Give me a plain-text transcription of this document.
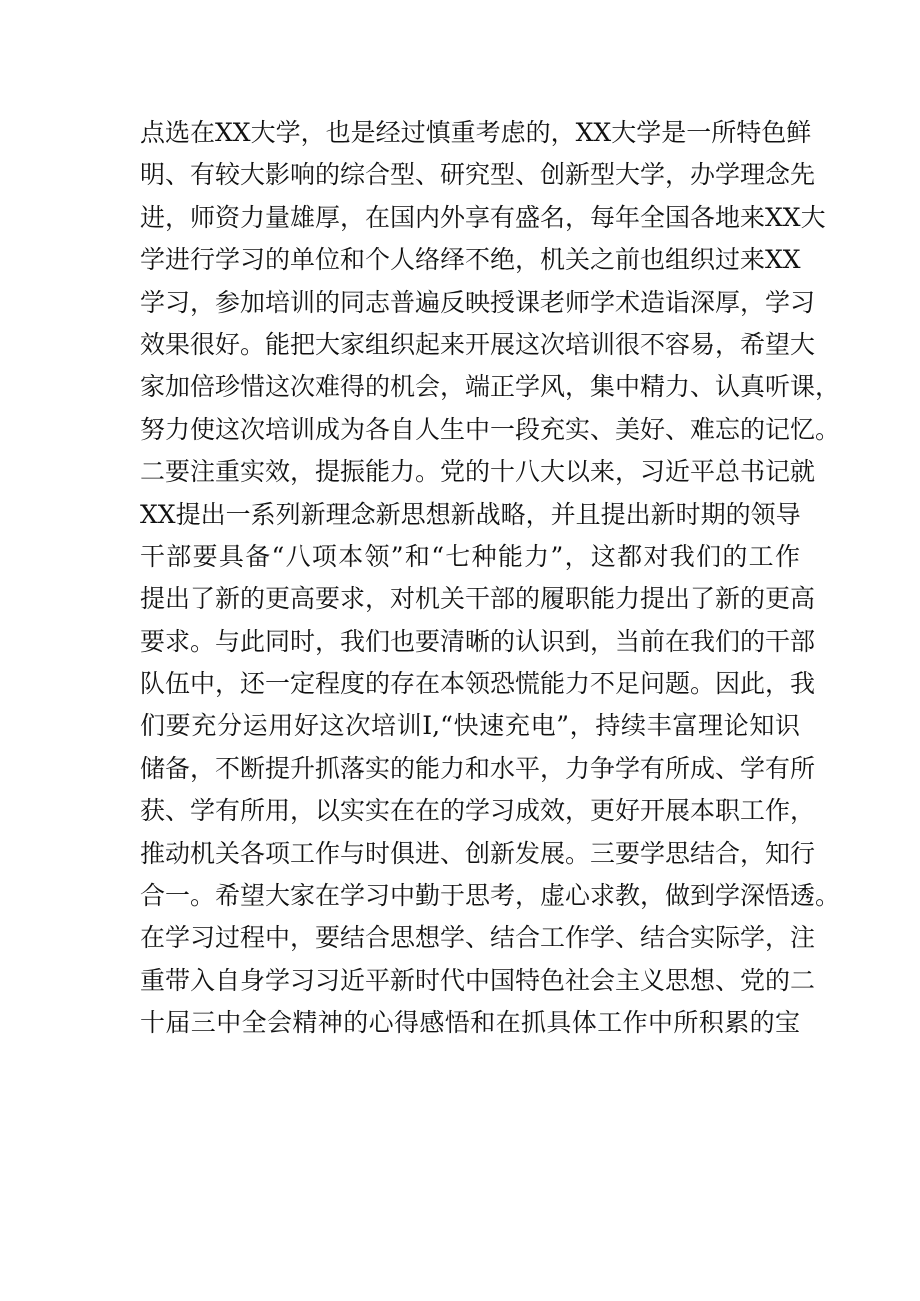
点选在XX大学，也是经过慎重考虑的，XX大学是一所特色鲜
明、有较大影响的综合型、研究型、创新型大学，办学理念先
进，师资力量雄厚，在国内外享有盛名，每年全国各地来XX大
学进行学习的单位和个人络绎不绝，机关之前也组织过来XX
学习，参加培训的同志普遍反映授课老师学术造诣深厚，学习
效果很好。能把大家组织起来开展这次培训很不容易，希望大
家加倍珍惜这次难得的机会，端正学风，集中精力、认真听课，
努力使这次培训成为各自人生中一段充实、美好、难忘的记忆。
二要注重实效，提振能力。党的十八大以来，习近平总书记就
XX提出一系列新理念新思想新战略，并且提出新时期的领导
干部要具备“八项本领”和“七种能力”，这都对我们的工作
提出了新的更高要求，对机关干部的履职能力提出了新的更高
要求。与此同时，我们也要清晰的认识到，当前在我们的干部
队伍中，还一定程度的存在本领恐慌能力不足问题。因此，我
们要充分运用好这次培训I,“快速充电”，持续丰富理论知识
储备，不断提升抓落实的能力和水平，力争学有所成、学有所
获、学有所用，以实实在在的学习成效，更好开展本职工作，
推动机关各项工作与时俱进、创新发展。三要学思结合，知行
合一。希望大家在学习中勤于思考，虚心求教，做到学深悟透。
在学习过程中，要结合思想学、结合工作学、结合实际学，注
重带入自身学习习近平新时代中国特色社会主义思想、党的二
十届三中全会精神的心得感悟和在抓具体工作中所积累的宝
